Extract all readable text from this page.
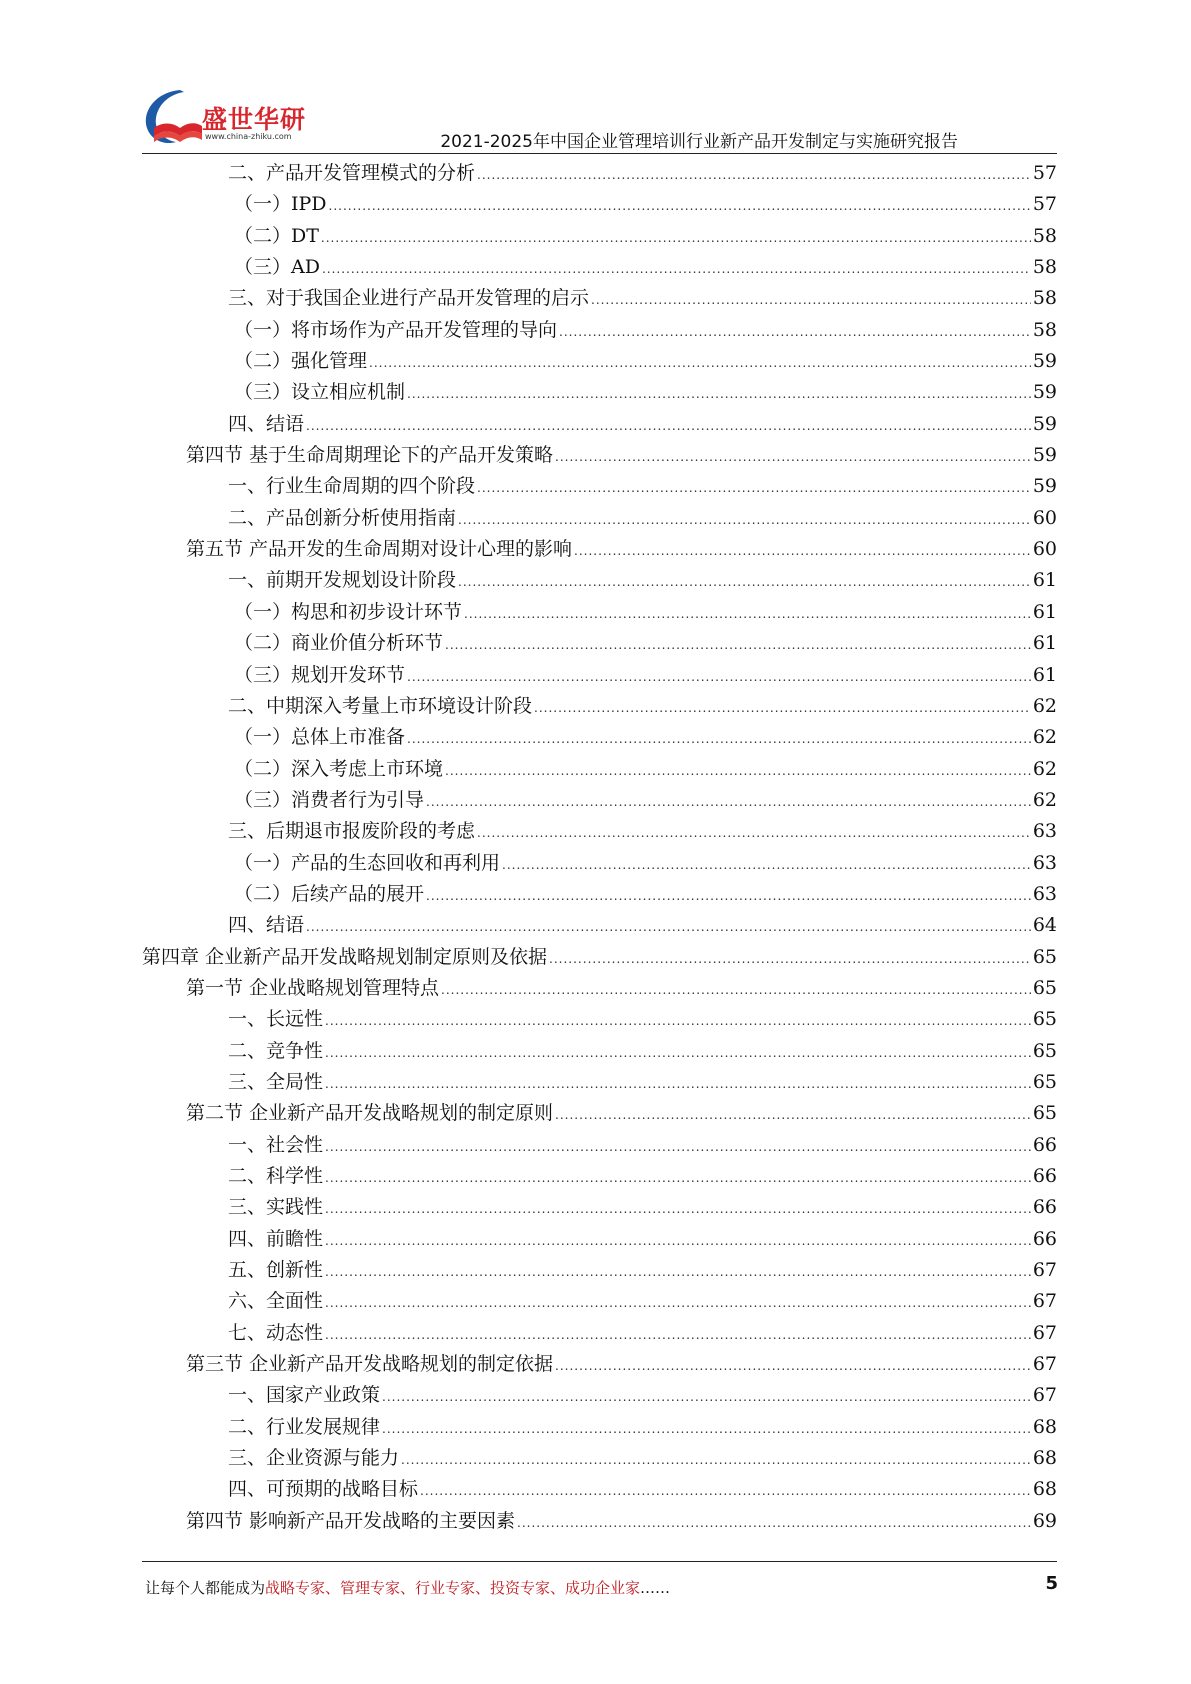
盛世华研
www.china-zhiku.com	2021-2025年中国企业管理培训行业新产品开发制定与实施研究报告
二、产品开发管理模式的分析 .....	57
（一）IPD .....	57
（二）DT .....	58
（三）AD .....	58
三、对于我国企业进行产品开发管理的启示 .....	58
（一）将市场作为产品开发管理的导向 .....	58
（二）强化管理 .....	59
（三）设立相应机制 .....	59
四、结语 .....	59
第四节 基于生命周期理论下的产品开发策略 .....	59
一、行业生命周期的四个阶段 .....	59
二、产品创新分析使用指南 .....	60
第五节 产品开发的生命周期对设计心理的影响 .....	60
一、前期开发规划设计阶段 .....	61
（一）构思和初步设计环节 .....	61
（二）商业价值分析环节 .....	61
（三）规划开发环节 .....	61
二、中期深入考量上市环境设计阶段 .....	62
（一）总体上市准备 .....	62
（二）深入考虑上市环境 .....	62
（三）消费者行为引导 .....	62
三、后期退市报废阶段的考虑 .....	63
（一）产品的生态回收和再利用 .....	63
（二）后续产品的展开 .....	63
四、结语 .....	64
第四章 企业新产品开发战略规划制定原则及依据 .....	65
第一节 企业战略规划管理特点 .....	65
一、长远性 .....	65
二、竞争性 .....	65
三、全局性 .....	65
第二节 企业新产品开发战略规划的制定原则 .....	65
一、社会性 .....	66
二、科学性 .....	66
三、实践性 .....	66
四、前瞻性 .....	66
五、创新性 .....	67
六、全面性 .....	67
七、动态性 .....	67
第三节 企业新产品开发战略规划的制定依据 .....	67
一、国家产业政策 .....	67
二、行业发展规律 .....	68
三、企业资源与能力 .....	68
四、可预期的战略目标 .....	68
第四节 影响新产品开发战略的主要因素 .....	69
让每个人都能成为战略专家、管理专家、行业专家、投资专家、成功企业家……	5
